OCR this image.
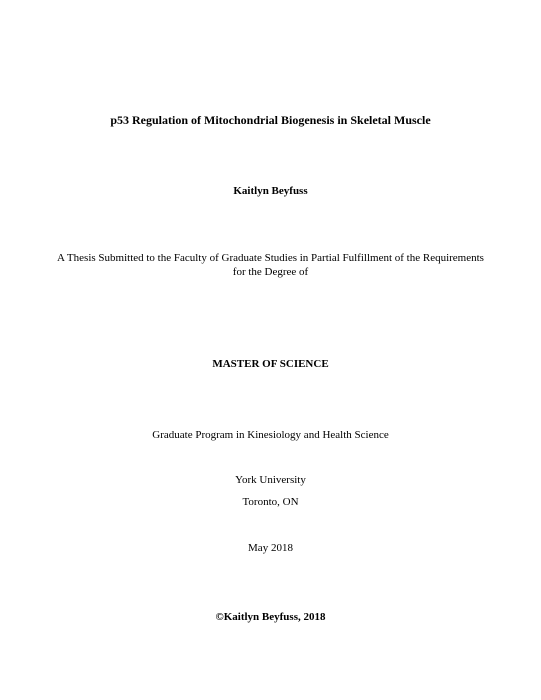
p53 Regulation of Mitochondrial Biogenesis in Skeletal Muscle
Kaitlyn Beyfuss
A Thesis Submitted to the Faculty of Graduate Studies in Partial Fulfillment of the Requirements
for the Degree of
MASTER OF SCIENCE
Graduate Program in Kinesiology and Health Science
York University
Toronto, ON
May 2018
©Kaitlyn Beyfuss, 2018
